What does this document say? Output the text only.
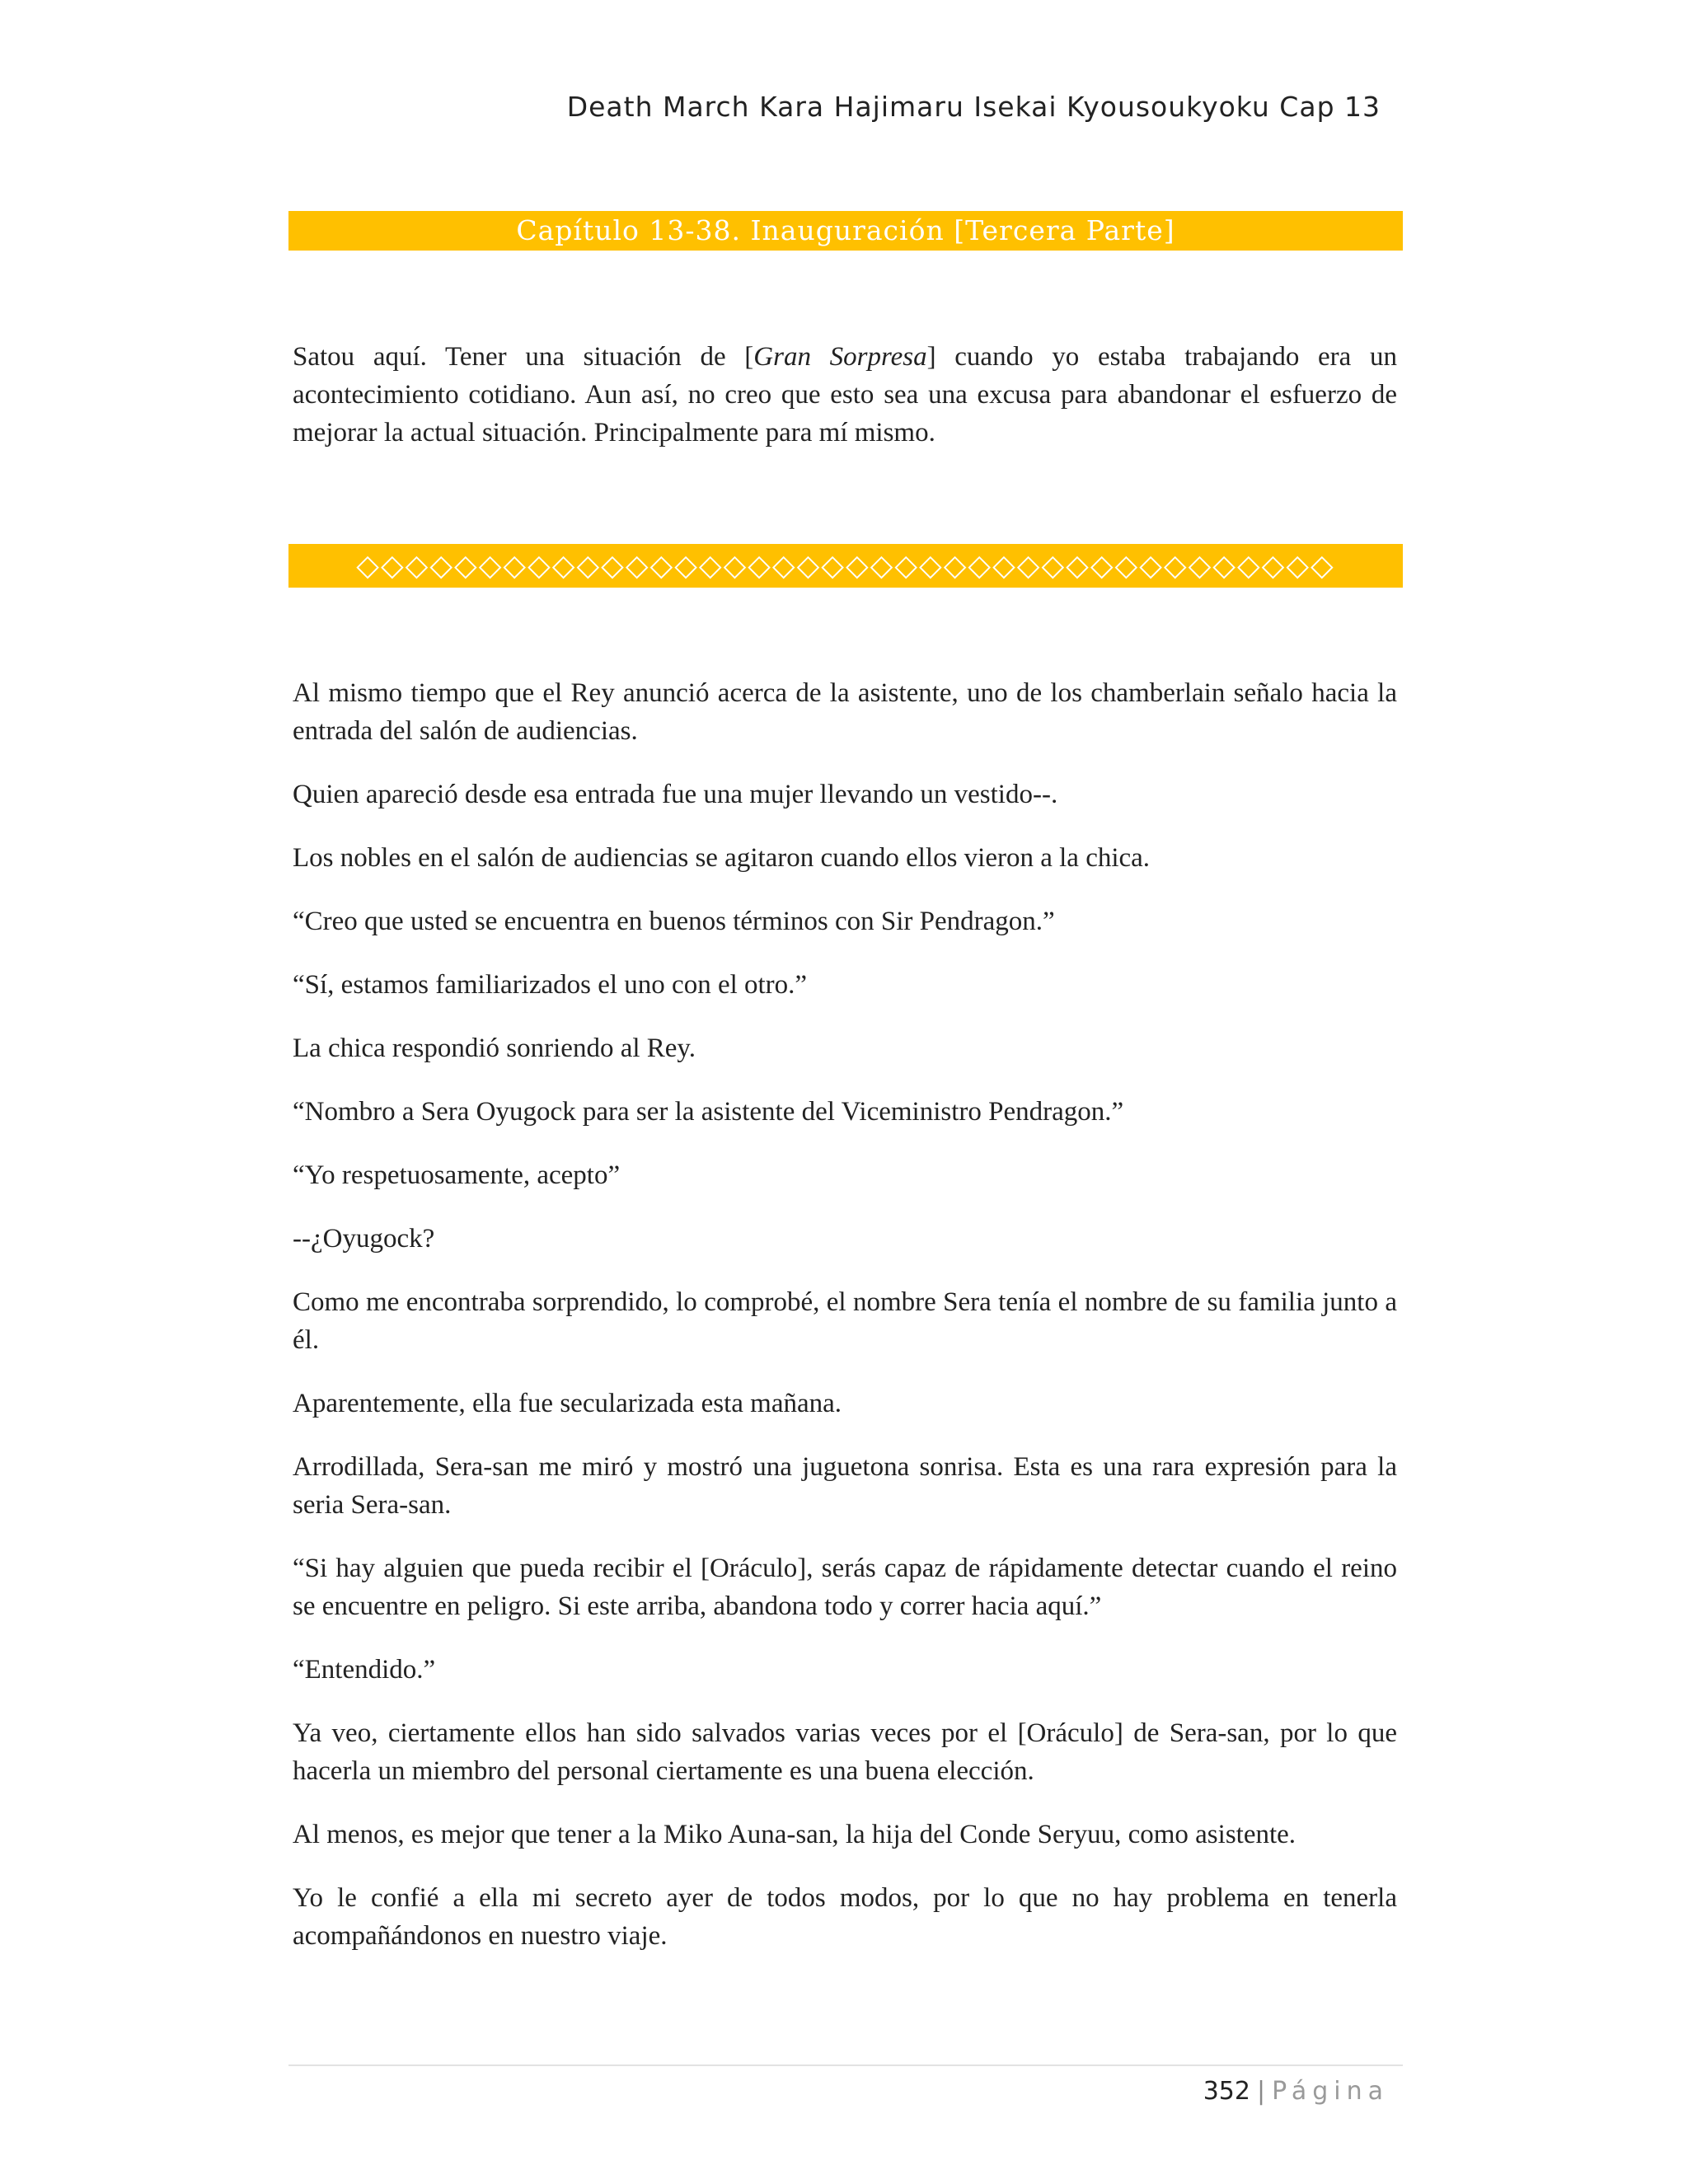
Death March Kara Hajimaru Isekai Kyousoukyoku Cap 13
Capítulo 13-38. Inauguración [Tercera Parte]

Satou aquí. Tener una situación de [Gran Sorpresa] cuando yo estaba trabajando era un acontecimiento cotidiano. Aun así, no creo que esto sea una excusa para abandonar el esfuerzo de mejorar la actual situación. Principalmente para mí mismo.

◇◇◇◇◇◇◇◇◇◇◇◇◇◇◇◇◇◇◇◇◇◇◇◇◇◇◇◇◇◇◇◇◇◇◇◇◇◇◇◇

Al mismo tiempo que el Rey anunció acerca de la asistente, uno de los chamberlain señalo hacia la entrada del salón de audiencias.

Quien apareció desde esa entrada fue una mujer llevando un vestido--.

Los nobles en el salón de audiencias se agitaron cuando ellos vieron a la chica.

“Creo que usted se encuentra en buenos términos con Sir Pendragon.”

“Sí, estamos familiarizados el uno con el otro.”

La chica respondió sonriendo al Rey.

“Nombro a Sera Oyugock para ser la asistente del Viceministro Pendragon.”

“Yo respetuosamente, acepto”

--¿Oyugock?

Como me encontraba sorprendido, lo comprobé, el nombre Sera tenía el nombre de su familia junto a él.

Aparentemente, ella fue secularizada esta mañana.

Arrodillada, Sera-san me miró y mostró una juguetona sonrisa. Esta es una rara expresión para la seria Sera-san.

“Si hay alguien que pueda recibir el [Oráculo], serás capaz de rápidamente detectar cuando el reino se encuentre en peligro. Si este arriba, abandona todo y correr hacia aquí.”

“Entendido.”

Ya veo, ciertamente ellos han sido salvados varias veces por el [Oráculo] de Sera-san, por lo que hacerla un miembro del personal ciertamente es una buena elección.

Al menos, es mejor que tener a la Miko Auna-san, la hija del Conde Seryuu, como asistente.

Yo le confié a ella mi secreto ayer de todos modos, por lo que no hay problema en tenerla acompañándonos en nuestro viaje.

352 | Página
